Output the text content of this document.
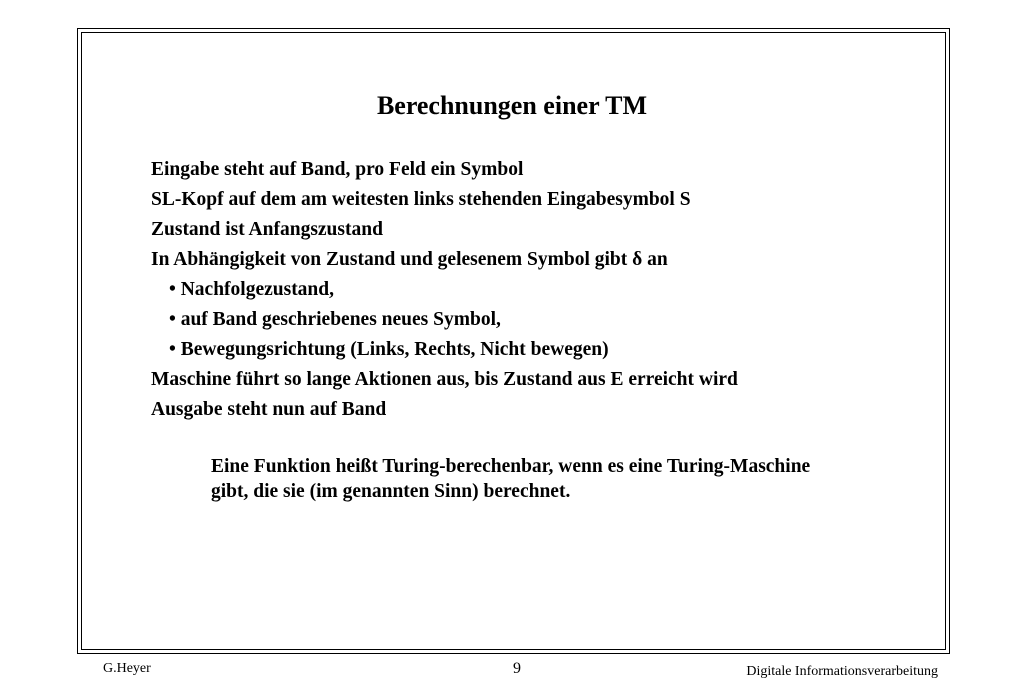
Berechnungen einer TM
Eingabe steht auf Band, pro Feld ein Symbol
SL-Kopf auf dem am weitesten links stehenden Eingabesymbol S
Zustand ist Anfangszustand
In Abhängigkeit von Zustand und gelesenem Symbol gibt δ an
• Nachfolgezustand,
• auf Band geschriebenes neues Symbol,
• Bewegungsrichtung (Links, Rechts, Nicht bewegen)
Maschine führt so lange Aktionen aus, bis Zustand aus E erreicht wird
Ausgabe steht nun auf Band
Eine Funktion heißt Turing-berechenbar, wenn es eine Turing-Maschine gibt, die sie (im genannten Sinn) berechnet.
G.Heyer	9	Digitale Informationsverarbeitung
